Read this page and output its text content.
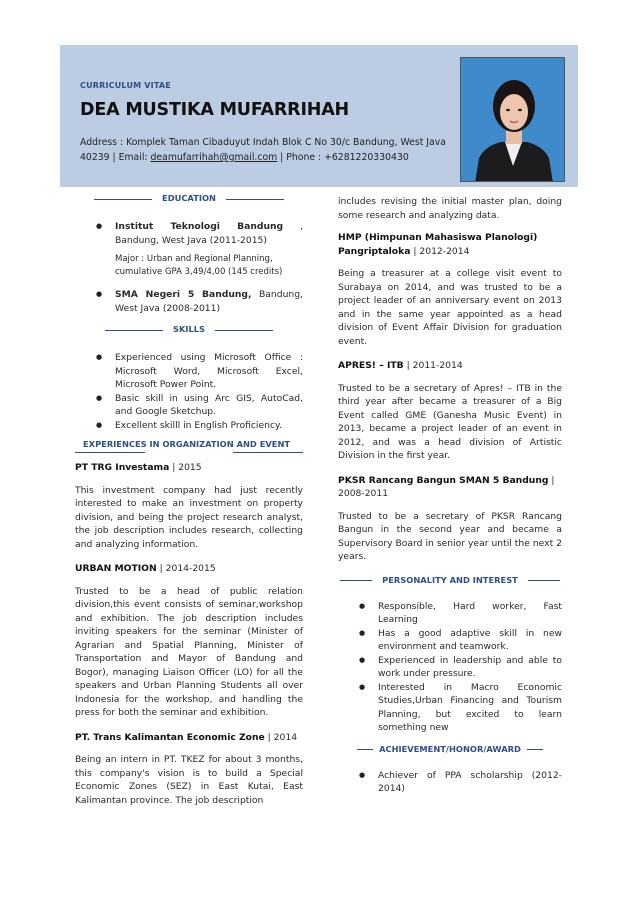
CURRICULUM VITAE
DEA MUSTIKA MUFARRIHAH
Address : Komplek Taman Cibaduyut Indah Blok C No 30/c Bandung, West Java 40239 | Email: deamufarrihah@gmail.com | Phone : +6281220330430
EDUCATION
● Institut Teknologi Bandung , Bandung, West Java (2011-2015)
Major : Urban and Regional Planning, cumulative GPA 3,49/4,00 (145 credits)
● SMA Negeri 5 Bandung, Bandung, West Java (2008-2011)
SKILLS
● Experienced using Microsoft Office : Microsoft Word, Microsoft Excel, Microsoft Power Point.
● Basic skill in using Arc GIS, AutoCad, and Google Sketchup.
● Excellent skilll in English Proficiency.
EXPERIENCES IN ORGANIZATION AND EVENT
PT TRG Investama | 2015
This investment company had just recently interested to make an investment on property division, and being the project research analyst, the job description includes research, collecting and analyzing information.
URBAN MOTION | 2014-2015
Trusted to be a head of public relation division,this event consists of seminar,workshop and exhibition. The job description includes inviting speakers for the seminar (Minister of Agrarian and Spatial Planning, Minister of Transportation and Mayor of Bandung and Bogor), managing Liaison Officer (LO) for all the speakers and Urban Planning Students all over Indonesia for the workshop, and handling the press for both the seminar and exhibition.
PT. Trans Kalimantan Economic Zone | 2014
Being an intern in PT. TKEZ for about 3 months, this company's vision is to build a Special Economic Zones (SEZ) in East Kutai, East Kalimantan province. The job description
includes revising the initial master plan, doing some research and analyzing data.
HMP (Himpunan Mahasiswa Planologi) Pangriptaloka | 2012-2014
Being a treasurer at a college visit event to Surabaya on 2014, and was trusted to be a project leader of an anniversary event on 2013 and in the same year appointed as a head division of Event Affair Division for graduation event.
APRES! – ITB | 2011-2014
Trusted to be a secretary of Apres! – ITB in the third year after became a treasurer of a Big Event called GME (Ganesha Music Event) in 2013, became a project leader of an event in 2012, and was a head division of Artistic Division in the first year.
PKSR Rancang Bangun SMAN 5 Bandung | 2008-2011
Trusted to be a secretary of PKSR Rancang Bangun in the second year and became a Supervisory Board in senior year until the next 2 years.
PERSONALITY AND INTEREST
● Responsible, Hard worker, Fast Learning
● Has a good adaptive skill in new environment and teamwork.
● Experienced in leadership and able to work under pressure.
● Interested in Macro Economic Studies,Urban Financing and Tourism Planning, but excited to learn something new
ACHIEVEMENT/HONOR/AWARD
● Achiever of PPA scholarship (2012-2014)
